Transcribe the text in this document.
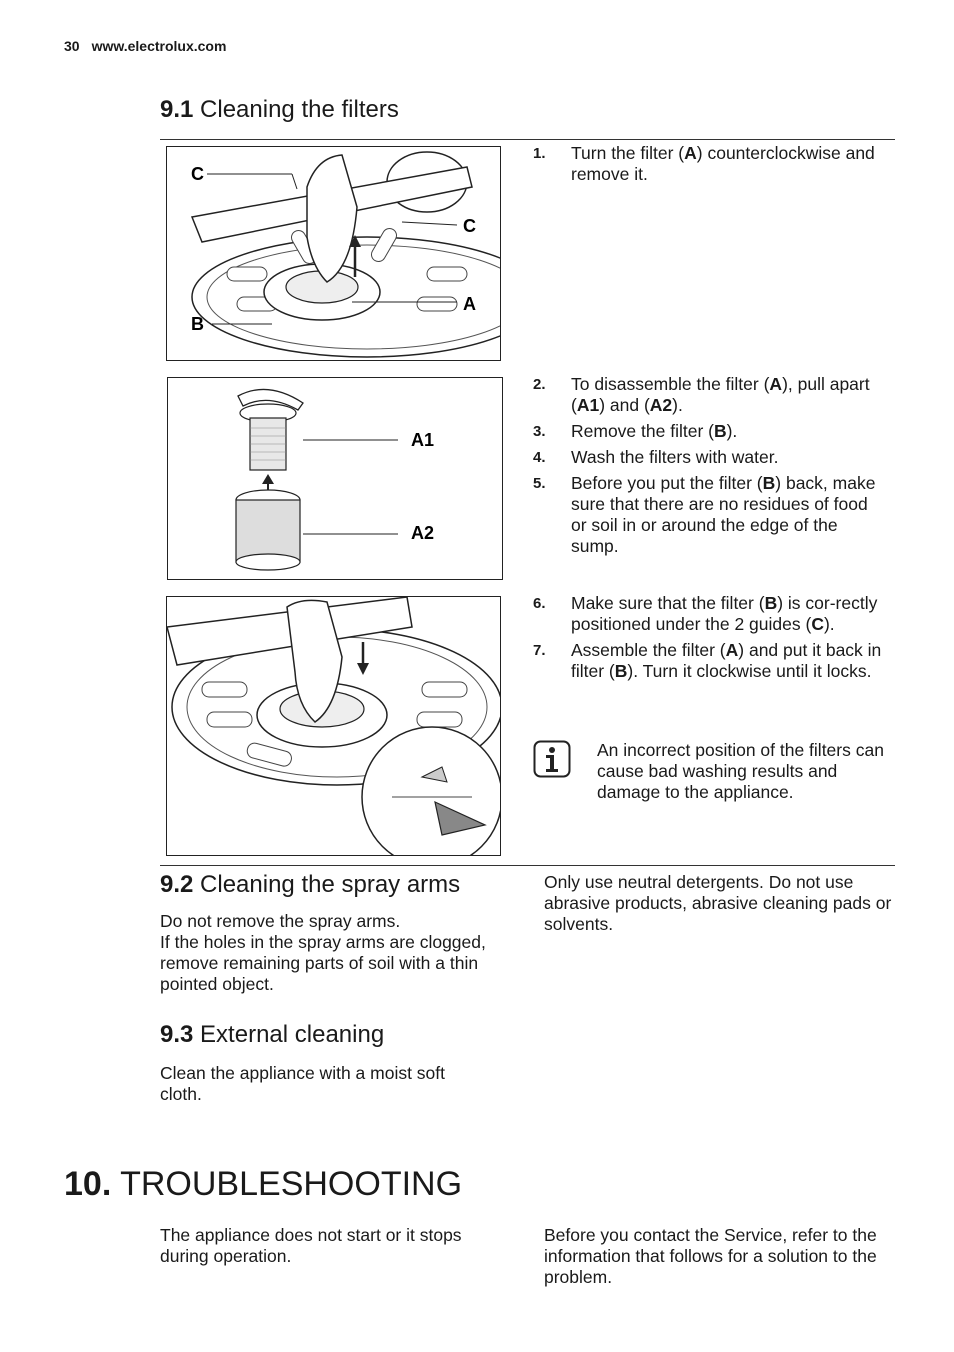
30 www.electrolux.com
9.1 Cleaning the filters
C
C
A
B
1. Turn the filter (A) counterclockwise and remove it.
A1
A2
2. To disassemble the filter (A), pull apart (A1) and (A2).
3. Remove the filter (B).
4. Wash the filters with water.
5. Before you put the filter (B) back, make sure that there are no residues of food or soil in or around the edge of the sump.
6. Make sure that the filter (B) is cor-rectly positioned under the 2 guides (C).
7. Assemble the filter (A) and put it back in filter (B). Turn it clockwise until it locks.
An incorrect position of the filters can cause bad washing results and damage to the appliance.
9.2 Cleaning the spray arms
Do not remove the spray arms.
If the holes in the spray arms are clogged, remove remaining parts of soil with a thin pointed object.
Only use neutral detergents. Do not use abrasive products, abrasive cleaning pads or solvents.
9.3 External cleaning
Clean the appliance with a moist soft cloth.
10. TROUBLESHOOTING
The appliance does not start or it stops during operation.
Before you contact the Service, refer to the information that follows for a solution to the problem.
